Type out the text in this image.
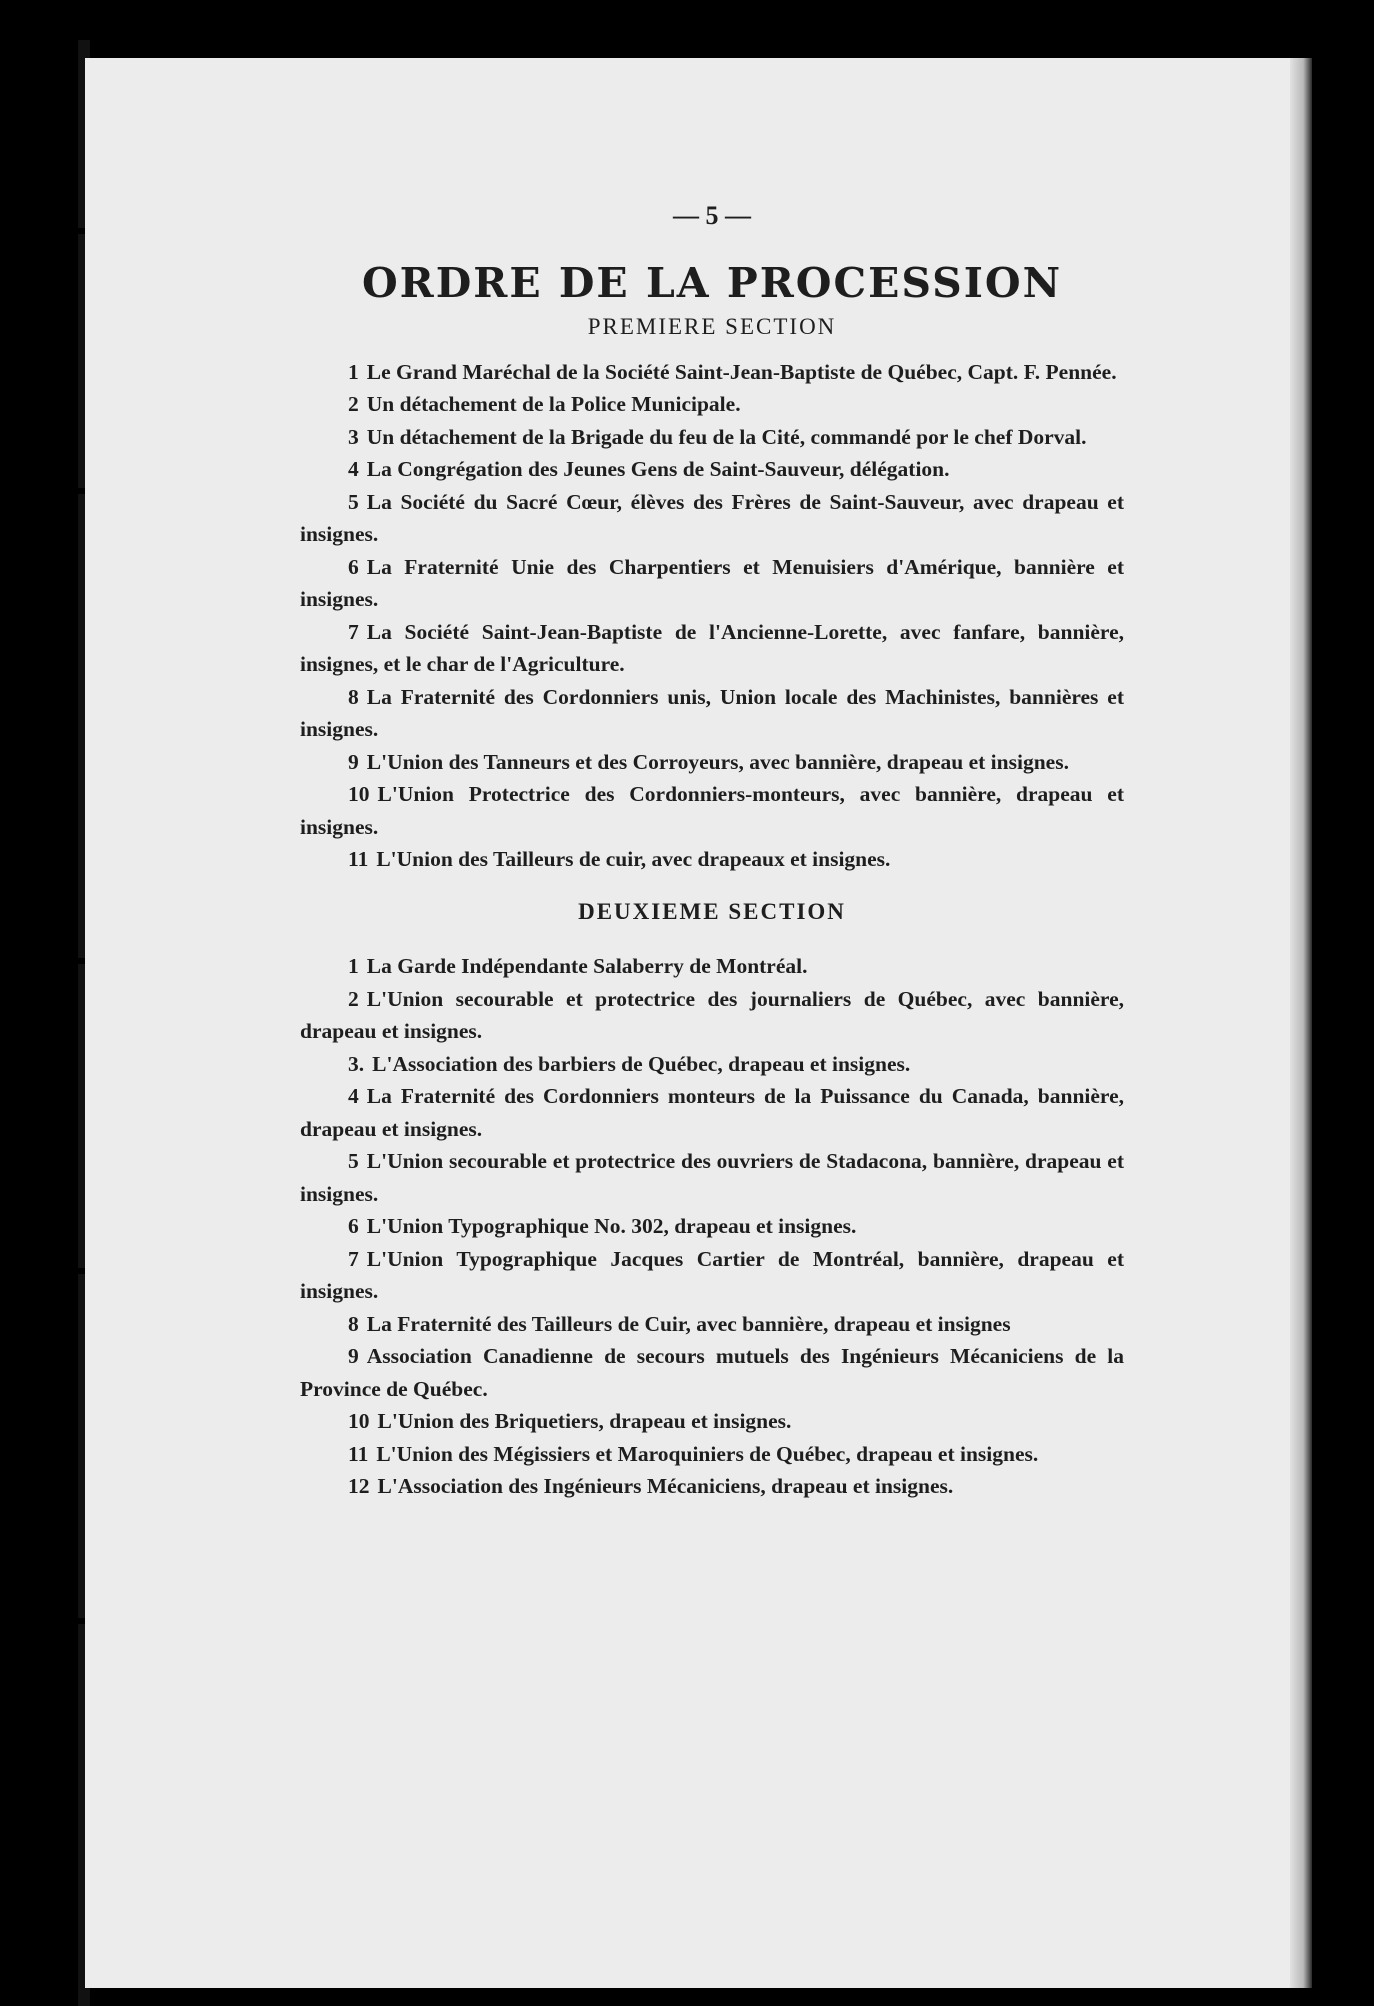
— 5 —
ORDRE DE LA PROCESSION
PREMIERE SECTION

1 Le Grand Maréchal de la Société Saint-Jean-Baptiste de Québec, Capt. F. Pennée.

2 Un détachement de la Police Municipale.

3 Un détachement de la Brigade du feu de la Cité, commandé por le chef Dorval.

4 La Congrégation des Jeunes Gens de Saint-Sauveur, délégation.

5 La Société du Sacré Cœur, élèves des Frères de Saint-Sauveur, avec drapeau et insignes.

6 La Fraternité Unie des Charpentiers et Menuisiers d'Amérique, bannière et insignes.

7 La Société Saint-Jean-Baptiste de l'Ancienne-Lorette, avec fanfare, bannière, insignes, et le char de l'Agriculture.

8 La Fraternité des Cordonniers unis, Union locale des Machinistes, bannières et insignes.

9 L'Union des Tanneurs et des Corroyeurs, avec bannière, drapeau et insignes.

10 L'Union Protectrice des Cordonniers-monteurs, avec bannière, drapeau et insignes.

11 L'Union des Tailleurs de cuir, avec drapeaux et insignes.

DEUXIEME SECTION

1 La Garde Indépendante Salaberry de Montréal.

2 L'Union secourable et protectrice des journaliers de Québec, avec bannière, drapeau et insignes.

3. L'Association des barbiers de Québec, drapeau et insignes.

4 La Fraternité des Cordonniers monteurs de la Puissance du Canada, bannière, drapeau et insignes.

5 L'Union secourable et protectrice des ouvriers de Stadacona, bannière, drapeau et insignes.

6 L'Union Typographique No. 302, drapeau et insignes.

7 L'Union Typographique Jacques Cartier de Montréal, bannière, drapeau et insignes.

8 La Fraternité des Tailleurs de Cuir, avec bannière, drapeau et insignes

9 Association Canadienne de secours mutuels des Ingénieurs Mécaniciens de la Province de Québec.

10 L'Union des Briquetiers, drapeau et insignes.

11 L'Union des Mégissiers et Maroquiniers de Québec, drapeau et insignes.

12 L'Association des Ingénieurs Mécaniciens, drapeau et insignes.
